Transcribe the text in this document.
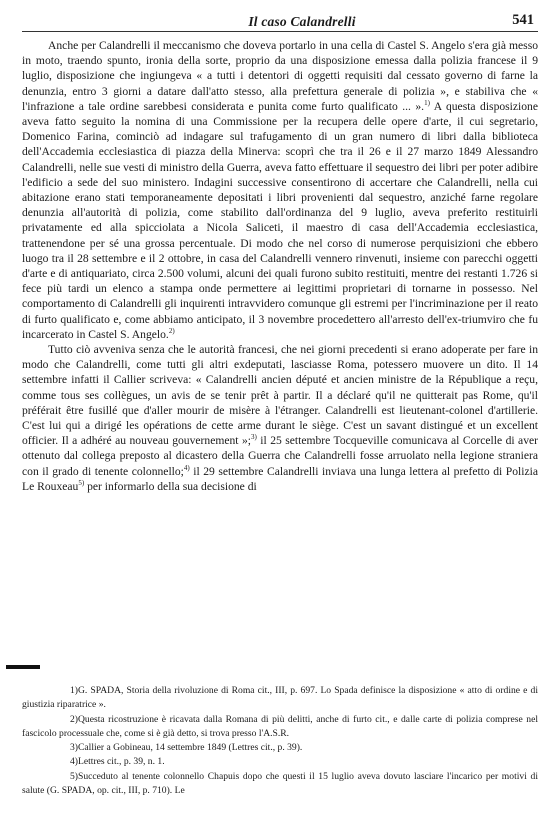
Il caso Calandrelli	541

Anche per Calandrelli il meccanismo che doveva portarlo in una cella di Castel S. Angelo s'era già messo in moto, traendo spunto, ironia della sorte, proprio da una disposizione emessa dalla polizia francese il 9 luglio, disposizione che ingiungeva « a tutti i detentori di oggetti requisiti dal cessato governo di farne la denunzia, entro 3 giorni a datare dall'atto stesso, alla prefettura generale di polizia », e stabiliva che « l'infrazione a tale ordine sarebbesi considerata e punita come furto qualificato ... ».$^{1)}$ A questa disposizione aveva fatto seguito la nomina di una Commissione per la recupera delle opere d'arte, il cui segretario, Domenico Farina, cominciò ad indagare sul trafugamento di un gran numero di libri dalla biblioteca dell'Accademia ecclesiastica di piazza della Minerva: scoprì che tra il 26 e il 27 marzo 1849 Alessandro Calandrelli, nelle sue vesti di ministro della Guerra, aveva fatto effettuare il sequestro dei libri per poter adibire l'edificio a sede del suo ministero. Indagini successive consentirono di accertare che Calandrelli, nella cui abitazione erano stati temporaneamente depositati i libri provenienti dal sequestro, anziché farne regolare denunzia all'autorità di polizia, come stabilito dall'ordinanza del 9 luglio, aveva preferito restituirli privatamente ed alla spicciolata a Nicola Saliceti, il maestro di casa dell'Accademia ecclesiastica, trattenendone per sé una grossa percentuale. Di modo che nel corso di numerose perquisizioni che ebbero luogo tra il 28 settembre e il 2 ottobre, in casa del Calandrelli vennero rinvenuti, insieme con parecchi oggetti d'arte e di antiquariato, circa 2.500 volumi, alcuni dei quali furono subito restituiti, mentre dei restanti 1.726 si fece più tardi un elenco a stampa onde permettere ai legittimi proprietari di tornarne in possesso. Nel comportamento di Calandrelli gli inquirenti intravvidero comunque gli estremi per l'incriminazione per il reato di furto qualificato e, come abbiamo anticipato, il 3 novembre procedettero all'arresto dell'ex-triumviro che fu incarcerato in Castel S. Angelo.$^{2)}$

Tutto ciò avveniva senza che le autorità francesi, che nei giorni precedenti si erano adoperate per fare in modo che Calandrelli, come tutti gli altri exdeputati, lasciasse Roma, potessero muovere un dito. Il 14 settembre infatti il Callier scriveva: « Calandrelli ancien député et ancien ministre de la République a reçu, comme tous ses collègues, un avis de se tenir prêt à partir. Il a déclaré qu'il ne quitterait pas Rome, qu'il préférait être fusillé que d'aller mourir de misère à l'étranger. Calandrelli est lieutenant-colonel d'artillerie. C'est lui qui a dirigé les opérations de cette arme durant le siège. C'est un savant distingué et un excellent officier. Il a adhéré au nouveau gouvernement »;$^{3)}$ il 25 settembre Tocqueville comunicava al Corcelle di aver ottenuto dal collega preposto al dicastero della Guerra che Calandrelli fosse arruolato nella legione straniera con il grado di tenente colonnello;$^{4)}$ il 29 settembre Calandrelli inviava una lunga lettera al prefetto di Polizia Le Rouxeau$^{5)}$ per informarlo della sua decisione di

1)G. SPADA, Storia della rivoluzione di Roma cit., III, p. 697. Lo Spada definisce la disposizione « atto di ordine e di giustizia riparatrice ».

2)Questa ricostruzione è ricavata dalla Romana di più delitti, anche di furto cit., e dalle carte di polizia comprese nel fascicolo processuale che, come si è già detto, si trova presso l'A.S.R.

3)Callier a Gobineau, 14 settembre 1849 (Lettres cit., p. 39).

4)Lettres cit., p. 39, n. 1.

5)Succeduto al tenente colonnello Chapuis dopo che questi il 15 luglio aveva dovuto lasciare l'incarico per motivi di salute (G. SPADA, op. cit., III, p. 710). Le
